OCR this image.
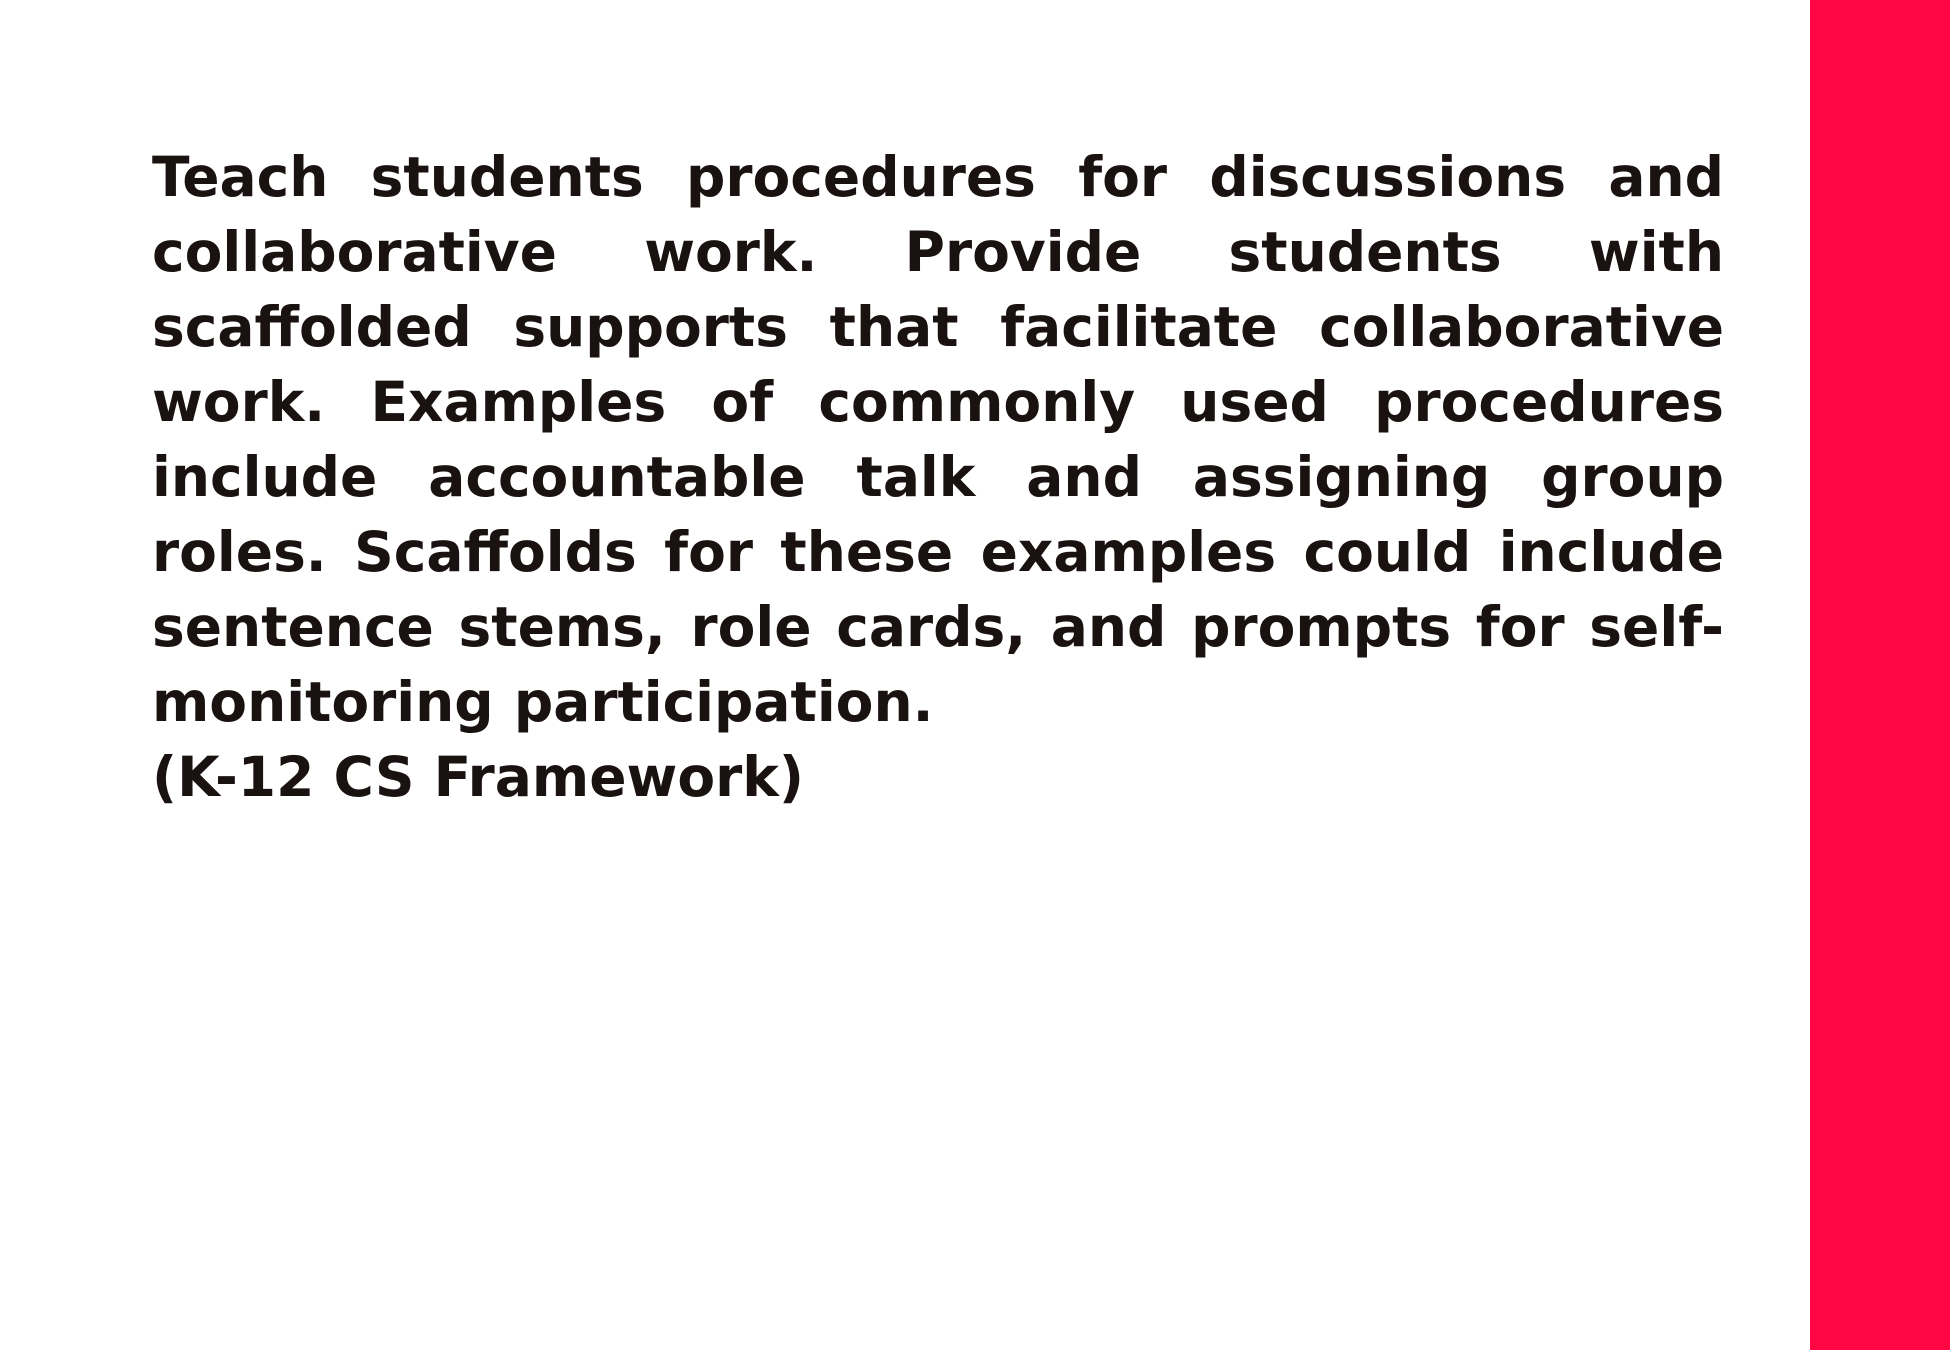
Teach students procedures for discussions and collaborative work. Provide students with scaffolded supports that facilitate collaborative work. Examples of commonly used procedures include accountable talk and assigning group roles. Scaffolds for these examples could include sentence stems, role cards, and prompts for self-monitoring participation.

(K-12 CS Framework)
